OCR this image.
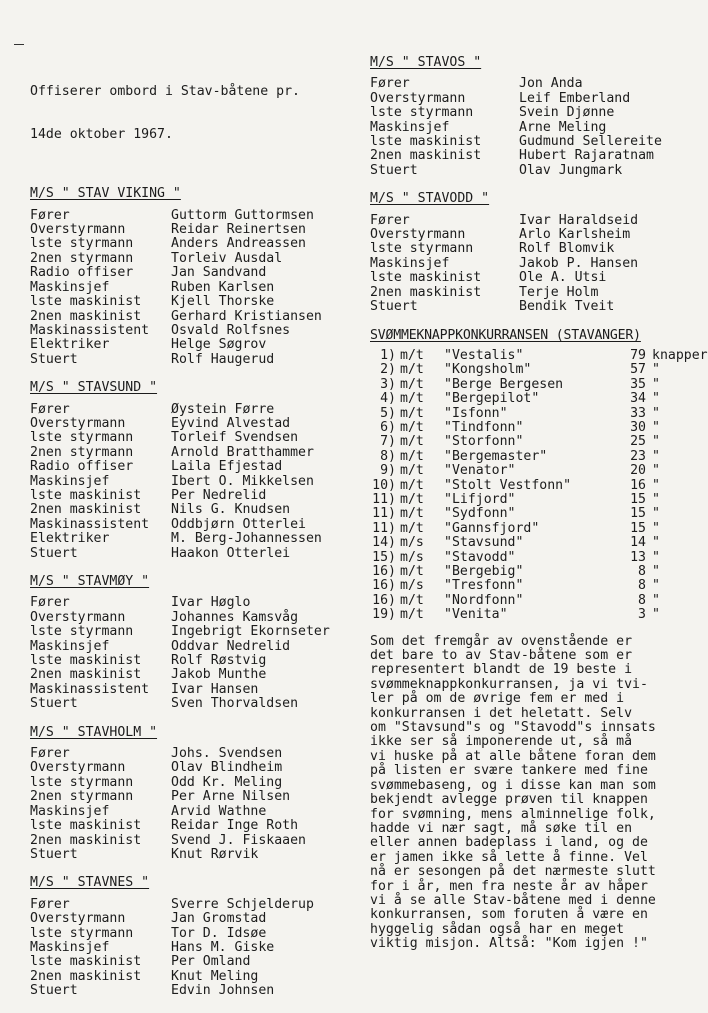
Offiserer ombord i Stav-båtene pr.

14de oktober 1967.

M/S " STAV VIKING "
Fører	Guttorm Guttormsen
Overstyrmann	Reidar Reinertsen
lste styrmann	Anders Andreassen
2nen styrmann	Torleiv Ausdal
Radio offiser	Jan Sandvand
Maskinsjef	Ruben Karlsen
lste maskinist	Kjell Thorske
2nen maskinist	Gerhard Kristiansen
Maskinassistent	Osvald Rolfsnes
Elektriker	Helge Søgrov
Stuert	Rolf Haugerud
M/S " STAVSUND "
Fører	Øystein Førre
Overstyrmann	Eyvind Alvestad
lste styrmann	Torleif Svendsen
2nen styrmann	Arnold Bratthammer
Radio offiser	Laila Efjestad
Maskinsjef	Ibert O. Mikkelsen
lste maskinist	Per Nedrelid
2nen maskinist	Nils G. Knudsen
Maskinassistent	Oddbjørn Otterlei
Elektriker	M. Berg-Johannessen
Stuert	Haakon Otterlei
M/S " STAVMØY "
Fører	Ivar Høglo
Overstyrmann	Johannes Kamsvåg
lste styrmann	Ingebrigt Ekornseter
Maskinsjef	Oddvar Nedrelid
lste maskinist	Rolf Røstvig
2nen maskinist	Jakob Munthe
Maskinassistent	Ivar Hansen
Stuert	Sven Thorvaldsen
M/S " STAVHOLM "
Fører	Johs. Svendsen
Overstyrmann	Olav Blindheim
lste styrmann	Odd Kr. Meling
2nen styrmann	Per Arne Nilsen
Maskinsjef	Arvid Wathne
lste maskinist	Reidar Inge Roth
2nen maskinist	Svend J. Fiskaaen
Stuert	Knut Rørvik
M/S " STAVNES "
Fører	Sverre Schjelderup
Overstyrmann	Jan Gromstad
lste styrmann	Tor D. Idsøe
Maskinsjef	Hans M. Giske
lste maskinist	Per Omland
2nen maskinist	Knut Meling
Stuert	Edvin Johnsen
M/S " STAVOS "
Fører	Jon Anda
Overstyrmann	Leif Emberland
lste styrmann	Svein Djønne
Maskinsjef	Arne Meling
lste maskinist	Gudmund Sellereite
2nen maskinist	Hubert Rajaratnam
Stuert	Olav Jungmark
M/S " STAVODD "
Fører	Ivar Haraldseid
Overstyrmann	Arlo Karlsheim
lste styrmann	Rolf Blomvik
Maskinsjef	Jakob P. Hansen
lste maskinist	Ole A. Utsi
2nen maskinist	Terje Holm
Stuert	Bendik Tveit
SVØMMEKNAPPKONKURRANSEN (STAVANGER)
1) m/t	"Vestalis"	79 knapper
2) m/t	"Kongsholm"	57 "
3) m/t	"Berge Bergesen	35 "
4) m/t	"Bergepilot"	34 "
5) m/t	"Isfonn"	33 "
6) m/t	"Tindfonn"	30 "
7) m/t	"Storfonn"	25 "
8) m/t	"Bergemaster"	23 "
9) m/t	"Venator"	20 "
10) m/t	"Stolt Vestfonn"	16 "
11) m/t	"Lifjord"	15 "
11) m/t	"Sydfonn"	15 "
11) m/t	"Gannsfjord"	15 "
14) m/s	"Stavsund"	14 "
15) m/s	"Stavodd"	13 "
16) m/t	"Bergebig"	8 "
16) m/s	"Tresfonn"	8 "
16) m/t	"Nordfonn"	8 "
19) m/t	"Venita"	3 "
Som det fremgår av ovenstående er
det bare to av Stav-båtene som er
representert blandt de 19 beste i
svømmeknappkonkurransen, ja vi tvi-
ler på om de øvrige fem er med i
konkurransen i det heletatt. Selv
om "Stavsund"s og "Stavodd"s innsats
ikke ser så imponerende ut, så må
vi huske på at alle båtene foran dem
på listen er svære tankere med fine
svømmebaseng, og i disse kan man som
bekjendt avlegge prøven til knappen
for svømning, mens alminnelige folk,
hadde vi nær sagt, må søke til en
eller annen badeplass i land, og de
er jamen ikke så lette å finne. Vel
nå er sesongen på det nærmeste slutt
for i år, men fra neste år av håper
vi å se alle Stav-båtene med i denne
konkurransen, som foruten å være en
hyggelig sådan også har en meget
viktig misjon. Altså: "Kom igjen !"
